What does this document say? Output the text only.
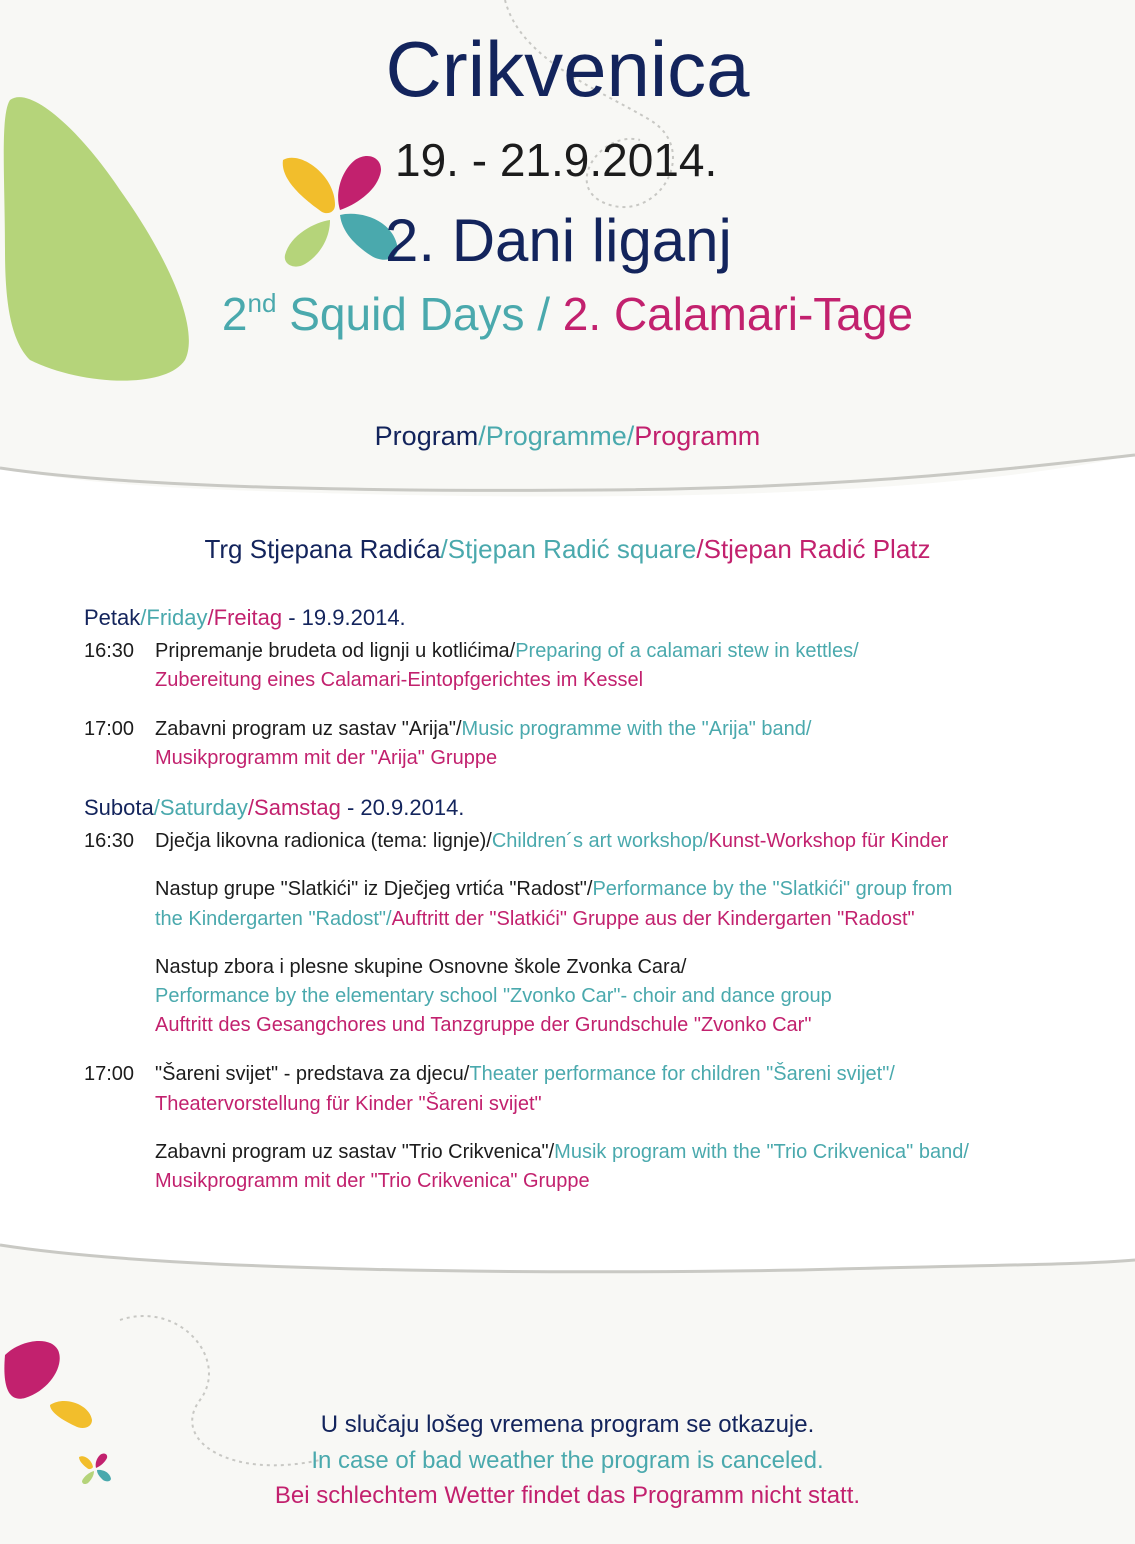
Crikvenica
19. - 21.9.2014.
2. Dani liganj
2nd Squid Days / 2. Calamari-Tage
Program/Programme/Programm
Trg Stjepana Radića/Stjepan Radić square/Stjepan Radić Platz
Petak/Friday/Freitag - 19.9.2014.
16:30 Pripremanje brudeta od lignji u kotlićima/Preparing of a calamari stew in kettles/
Zubereitung eines Calamari-Eintopfgerichtes im Kessel
17:00 Zabavni program uz sastav "Arija"/Music programme with the "Arija" band/
Musikprogramm mit der "Arija" Gruppe
Subota/Saturday/Samstag - 20.9.2014.
16:30 Dječja likovna radionica (tema: lignje)/Children´s art workshop/Kunst-Workshop für Kinder
Nastup grupe "Slatkići" iz Dječjeg vrtića "Radost"/Performance by the "Slatkići" group from
the Kindergarten "Radost"/Auftritt der "Slatkići" Gruppe aus der Kindergarten "Radost"
Nastup zbora i plesne skupine Osnovne škole Zvonka Cara/
Performance by the elementary school "Zvonko Car"- choir and dance group
Auftritt des Gesangchores und Tanzgruppe der Grundschule "Zvonko Car"
17:00 "Šareni svijet" - predstava za djecu/Theater performance for children "Šareni svijet"/
Theatervorstellung für Kinder "Šareni svijet"
Zabavni program uz sastav "Trio Crikvenica"/Musik program with the "Trio Crikvenica" band/
Musikprogramm mit der "Trio Crikvenica" Gruppe
U slučaju lošeg vremena program se otkazuje.
In case of bad weather the program is canceled.
Bei schlechtem Wetter findet das Programm nicht statt.
